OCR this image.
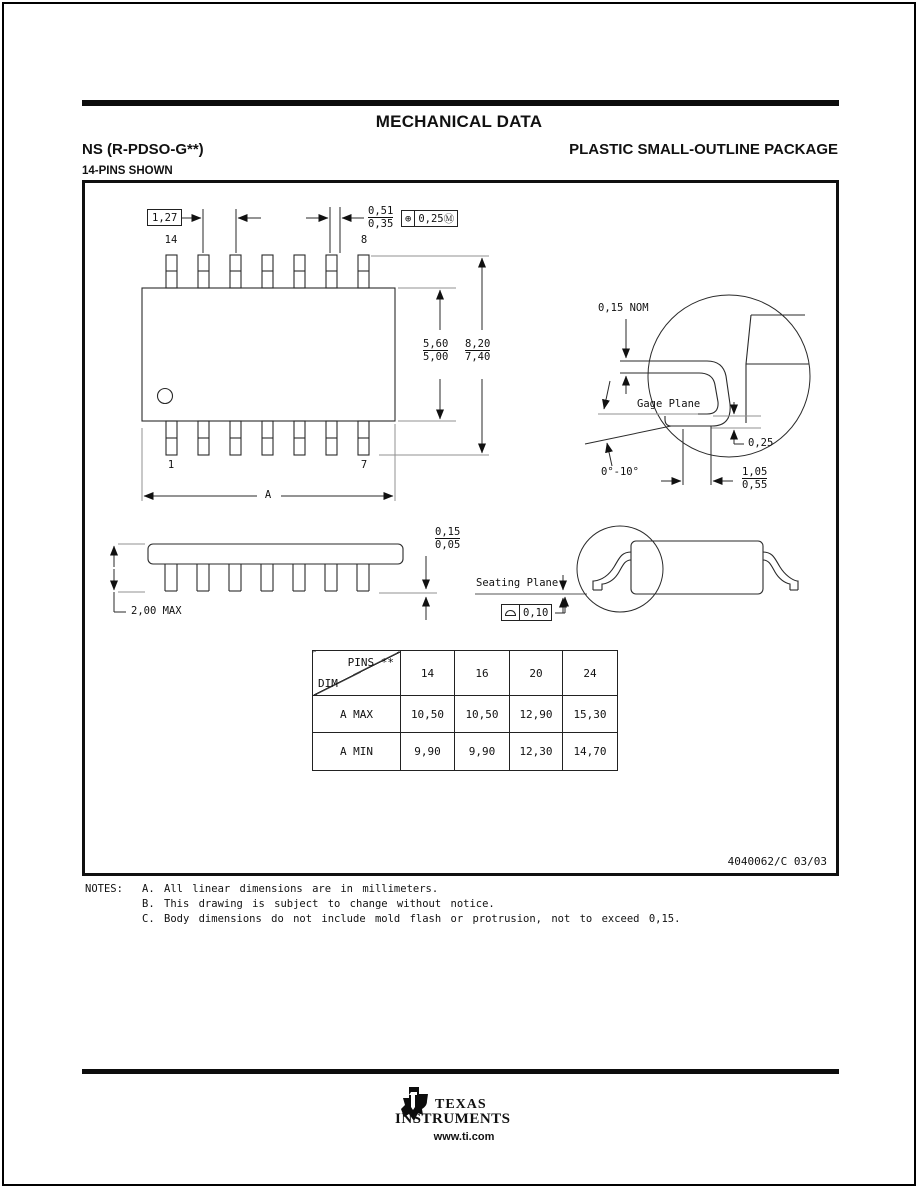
MECHANICAL DATA
NS (R-PDSO-G**)	PLASTIC SMALL-OUTLINE PACKAGE
14-PINS SHOWN
1,27	$\frac{0,51}{0,35}$ ⊕ 0,25 Ⓜ
14	8
1	7
$\frac{5,60}{5,00} \frac{8,20}{7,40}$
A
2,00 MAX
$\frac{0,15}{0,05}$
Seating Plane
0,10
0,15 NOM
Gage Plane
0,25
0°-10°	$\frac{1,05}{0,55}$
PINS **
DIM	14	16	20	24
A MAX	10,50	10,50	12,90	15,30
A MIN	9,90	9,90	12,30	14,70
4040062/C 03/03
NOTES: A. All linear dimensions are in millimeters.
B. This drawing is subject to change without notice.
C. Body dimensions do not include mold flash or protrusion, not to exceed 0,15.
TEXAS
INSTRUMENTS
www.ti.com
